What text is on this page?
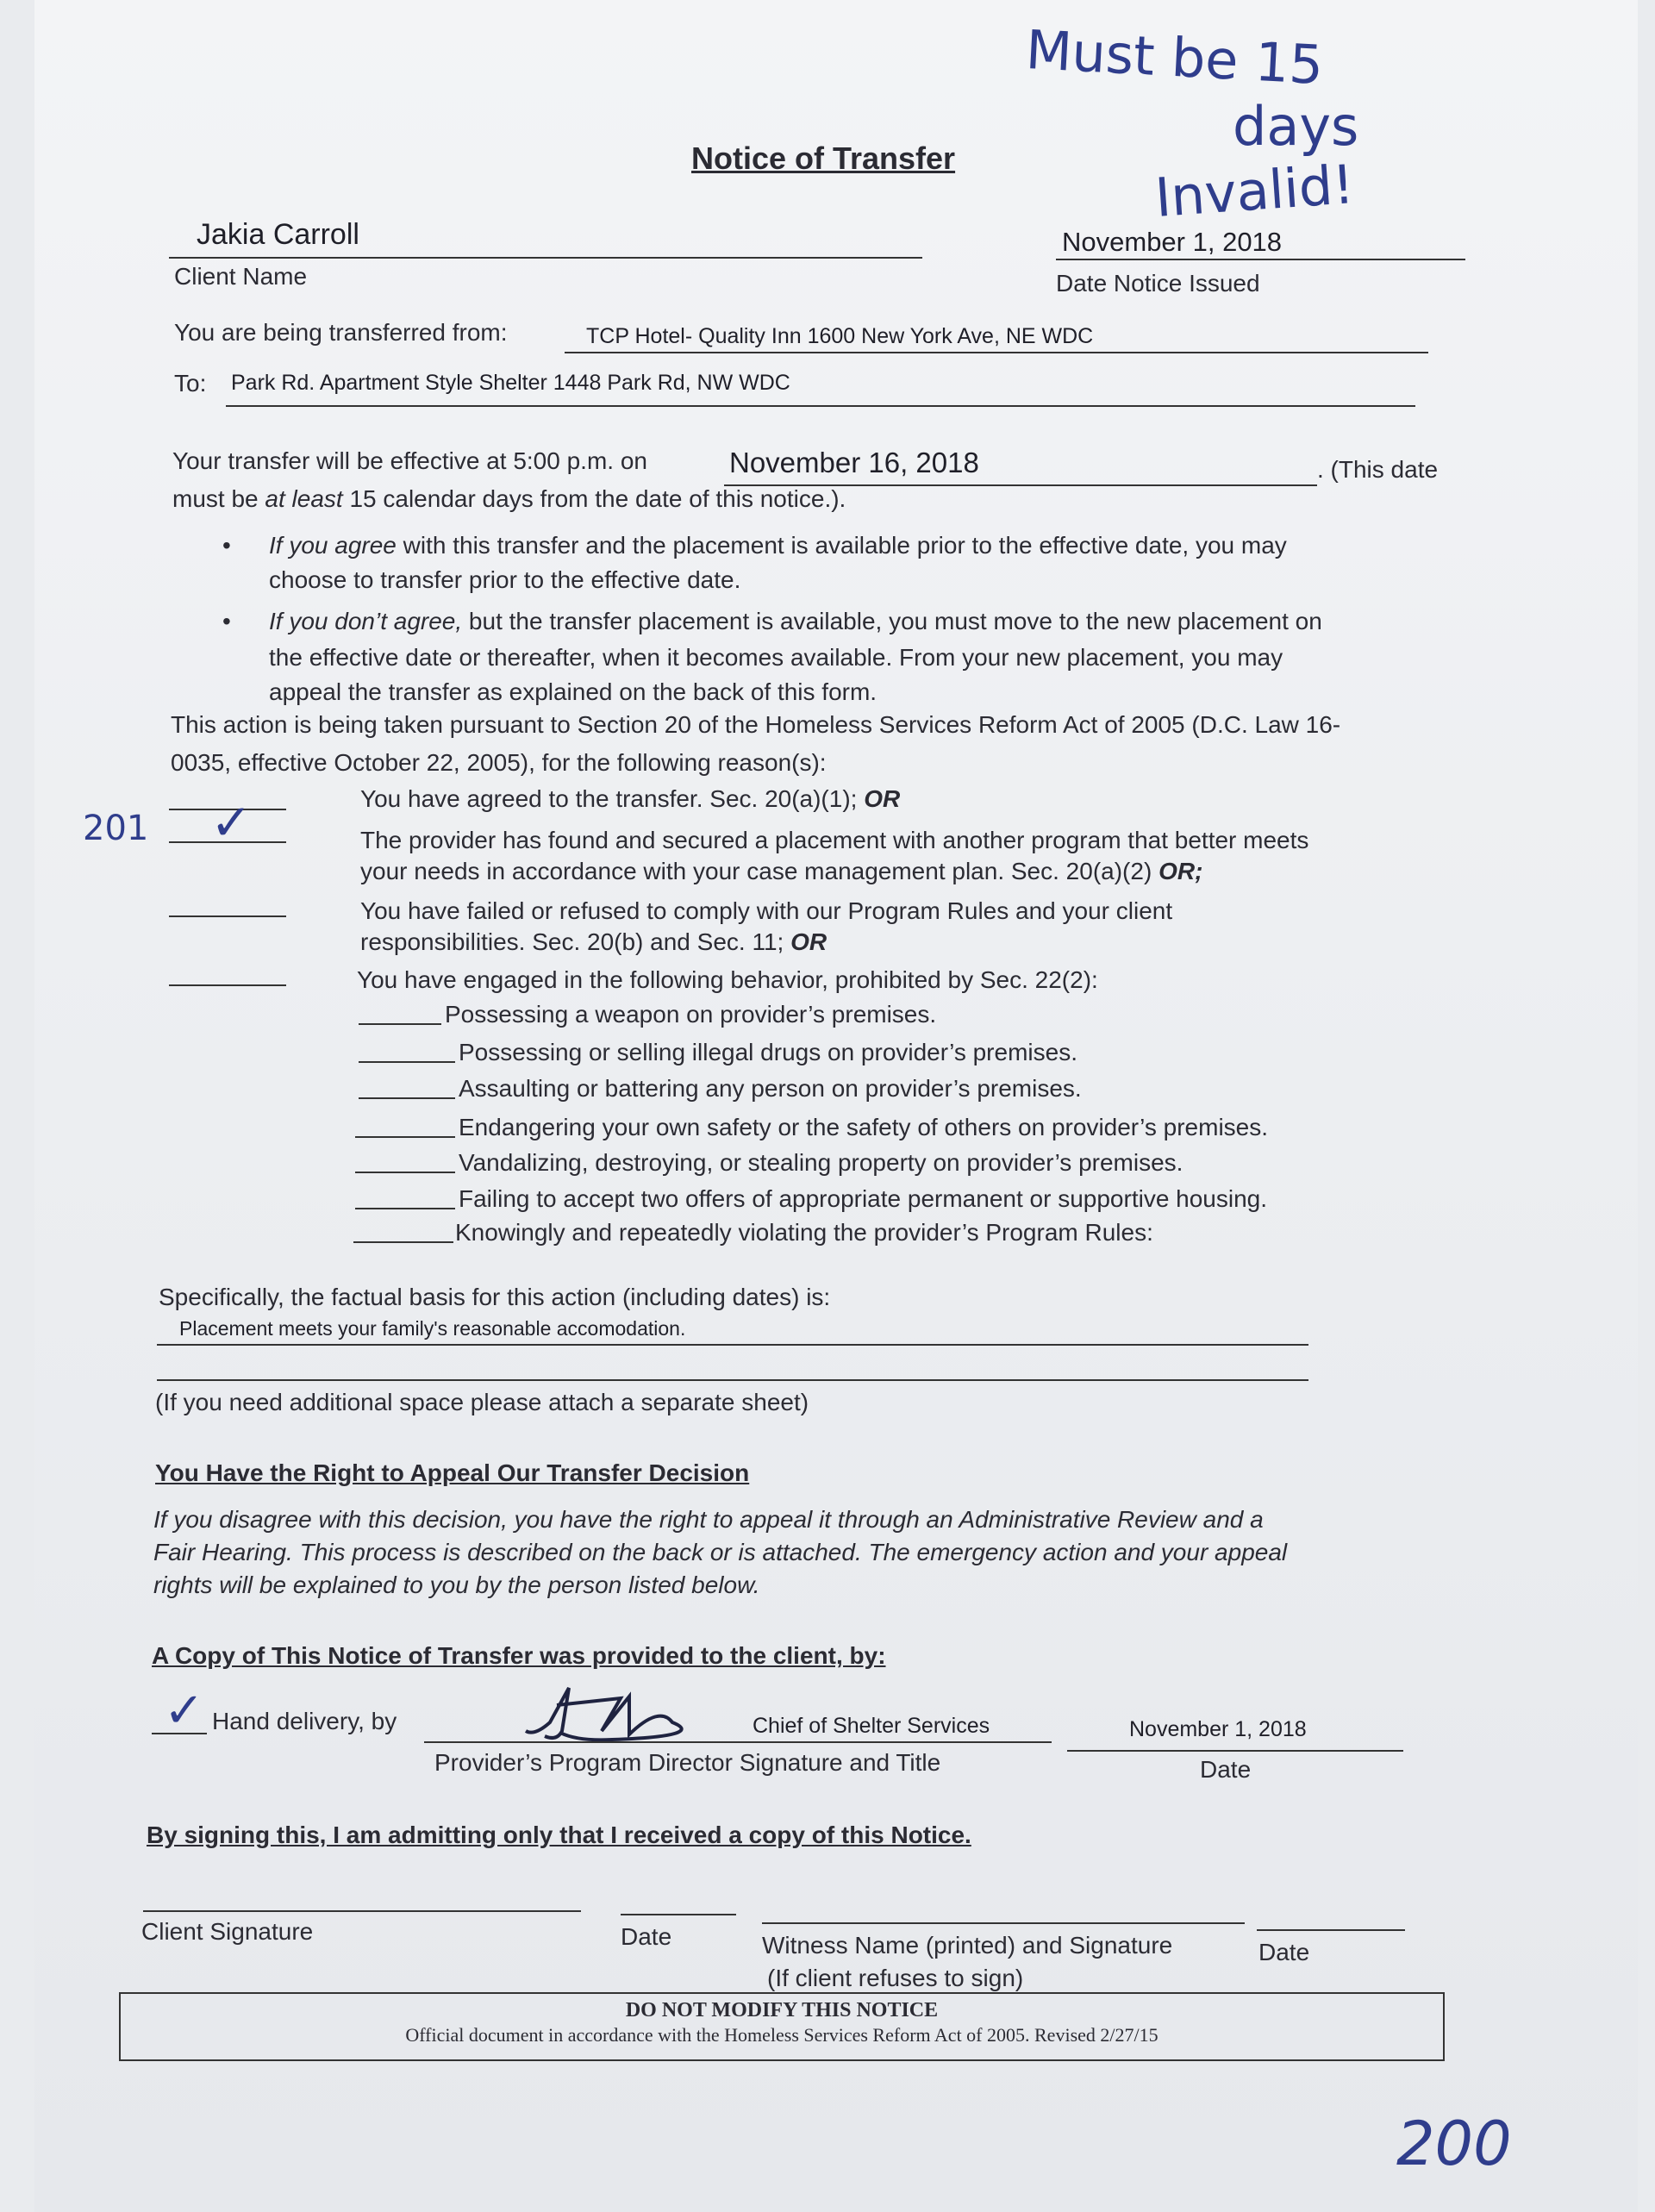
Must be 15
days
Invalid!
Notice of Transfer
Jakia Carroll
Client Name
November 1, 2018
Date Notice Issued
You are being transferred from:	TCP Hotel- Quality Inn 1600 New York Ave, NE WDC
To: Park Rd. Apartment Style Shelter 1448 Park Rd, NW WDC
Your transfer will be effective at 5:00 p.m. on	November 16, 2018	. (This date
must be at least 15 calendar days from the date of this notice.).
• If you agree with this transfer and the placement is available prior to the effective date, you may
choose to transfer prior to the effective date.
• If you don’t agree, but the transfer placement is available, you must move to the new placement on
the effective date or thereafter, when it becomes available. From your new placement, you may
appeal the transfer as explained on the back of this form.
This action is being taken pursuant to Section 20 of the Homeless Services Reform Act of 2005 (D.C. Law 16-
0035, effective October 22, 2005), for the following reason(s):
201
You have agreed to the transfer. Sec. 20(a)(1); OR
✓	The provider has found and secured a placement with another program that better meets
your needs in accordance with your case management plan. Sec. 20(a)(2) OR;
You have failed or refused to comply with our Program Rules and your client
responsibilities. Sec. 20(b) and Sec. 11; OR
You have engaged in the following behavior, prohibited by Sec. 22(2):
Possessing a weapon on provider’s premises.
Possessing or selling illegal drugs on provider’s premises.
Assaulting or battering any person on provider’s premises.
Endangering your own safety or the safety of others on provider’s premises.
Vandalizing, destroying, or stealing property on provider’s premises.
Failing to accept two offers of appropriate permanent or supportive housing.
Knowingly and repeatedly violating the provider’s Program Rules:
Specifically, the factual basis for this action (including dates) is:
Placement meets your family's reasonable accomodation.
(If you need additional space please attach a separate sheet)
You Have the Right to Appeal Our Transfer Decision
If you disagree with this decision, you have the right to appeal it through an Administrative Review and a
Fair Hearing. This process is described on the back or is attached. The emergency action and your appeal
rights will be explained to you by the person listed below.
A Copy of This Notice of Transfer was provided to the client, by:
✓ Hand delivery, by	Chief of Shelter Services	November 1, 2018
Provider’s Program Director Signature and Title	Date
By signing this, I am admitting only that I received a copy of this Notice.
Client Signature	Date	Witness Name (printed) and Signature
(If client refuses to sign)
Date
DO NOT MODIFY THIS NOTICE
Official document in accordance with the Homeless Services Reform Act of 2005. Revised 2/27/15
200
